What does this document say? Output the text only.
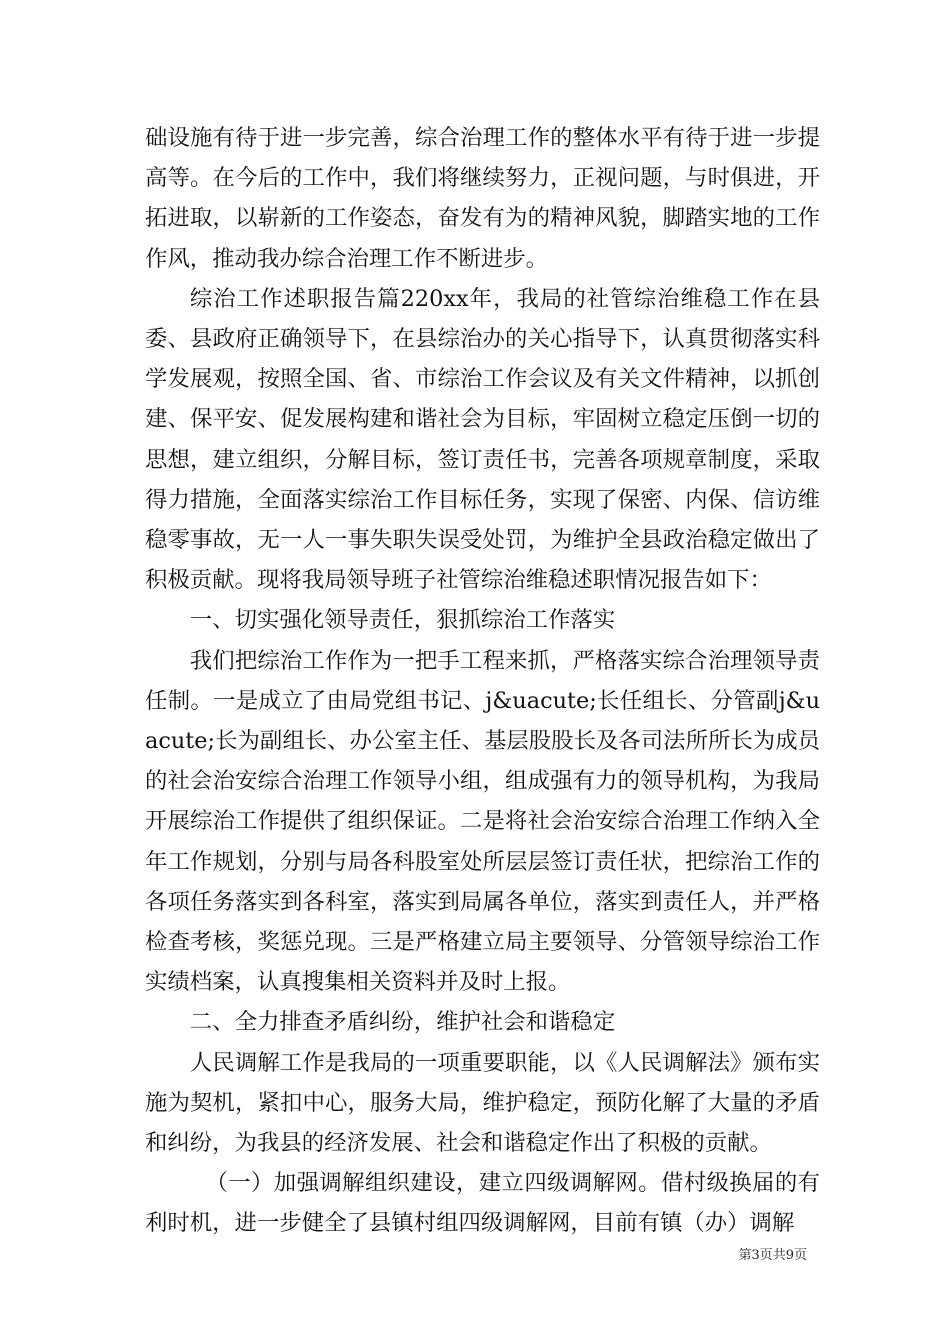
础设施有待于进一步完善，综合治理工作的整体水平有待于进一步提高等。在今后的工作中，我们将继续努力，正视问题，与时俱进，开拓进取，以崭新的工作姿态，奋发有为的精神风貌，脚踏实地的工作作风，推动我办综合治理工作不断进步。

综治工作述职报告篇220xx年，我局的社管综治维稳工作在县委、县政府正确领导下，在县综治办的关心指导下，认真贯彻落实科学发展观，按照全国、省、市综治工作会议及有关文件精神，以抓创建、保平安、促发展构建和谐社会为目标，牢固树立稳定压倒一切的思想，建立组织，分解目标，签订责任书，完善各项规章制度，采取得力措施，全面落实综治工作目标任务，实现了保密、内保、信访维稳零事故，无一人一事失职失误受处罚，为维护全县政治稳定做出了积极贡献。现将我局领导班子社管综治维稳述职情况报告如下：

一、切实强化领导责任，狠抓综治工作落实

我们把综治工作作为一把手工程来抓，严格落实综合治理领导责任制。一是成立了由局党组书记、j&uacute;长任组长、分管副j&uacute;长为副组长、办公室主任、基层股股长及各司法所所长为成员的社会治安综合治理工作领导小组，组成强有力的领导机构，为我局开展综治工作提供了组织保证。二是将社会治安综合治理工作纳入全年工作规划，分别与局各科股室处所层层签订责任状，把综治工作的各项任务落实到各科室，落实到局属各单位，落实到责任人，并严格检查考核，奖惩兑现。三是严格建立局主要领导、分管领导综治工作实绩档案，认真搜集相关资料并及时上报。

二、全力排查矛盾纠纷，维护社会和谐稳定

人民调解工作是我局的一项重要职能，以《人民调解法》颁布实施为契机，紧扣中心，服务大局，维护稳定，预防化解了大量的矛盾和纠纷，为我县的经济发展、社会和谐稳定作出了积极的贡献。

（一）加强调解组织建设，建立四级调解网。借村级换届的有利时机，进一步健全了县镇村组四级调解网，目前有镇（办）调解

第3页共9页
